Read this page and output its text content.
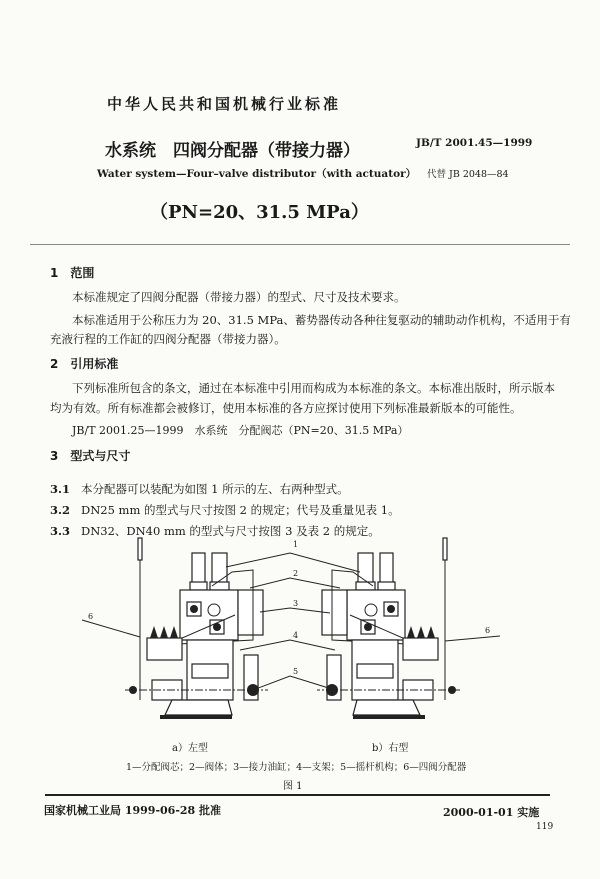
中华人民共和国机械行业标准
水系统　四阀分配器（带接力器）	JB/T 2001.45—1999
Water system—Four–valve distributor（with actuator） 代替 JB 2048—84
（PN=20、31.5 MPa）
1　范围
本标准规定了四阀分配器（带接力器）的型式、尺寸及技术要求。
本标准适用于公称压力为 20、31.5 MPa、蓄势器传动各种往复驱动的辅助动作机构，不适用于有
充液行程的工作缸的四阀分配器（带接力器）。
2　引用标准
下列标准所包含的条文，通过在本标准中引用而构成为本标准的条文。本标准出版时，所示版本
均为有效。所有标准都会被修订，使用本标准的各方应探讨使用下列标准最新版本的可能性。
JB/T 2001.25—1999　水系统　分配阀芯（PN=20、31.5 MPa）
3　型式与尺寸
3.1 本分配器可以装配为如图 1 所示的左、右两种型式。
3.2 DN25 mm 的型式与尺寸按图 2 的规定；代号及重量见表 1。
3.3 DN32、DN40 mm 的型式与尺寸按图 3 及表 2 的规定。
1
2
3
4
5
6
6
a）左型	b）右型
1—分配阀芯；2—阀体；3—接力油缸；4—支架；5—摇杆机构；6—四阀分配器
图 1
国家机械工业局 1999-06-28 批准	2000-01-01 实施
119
